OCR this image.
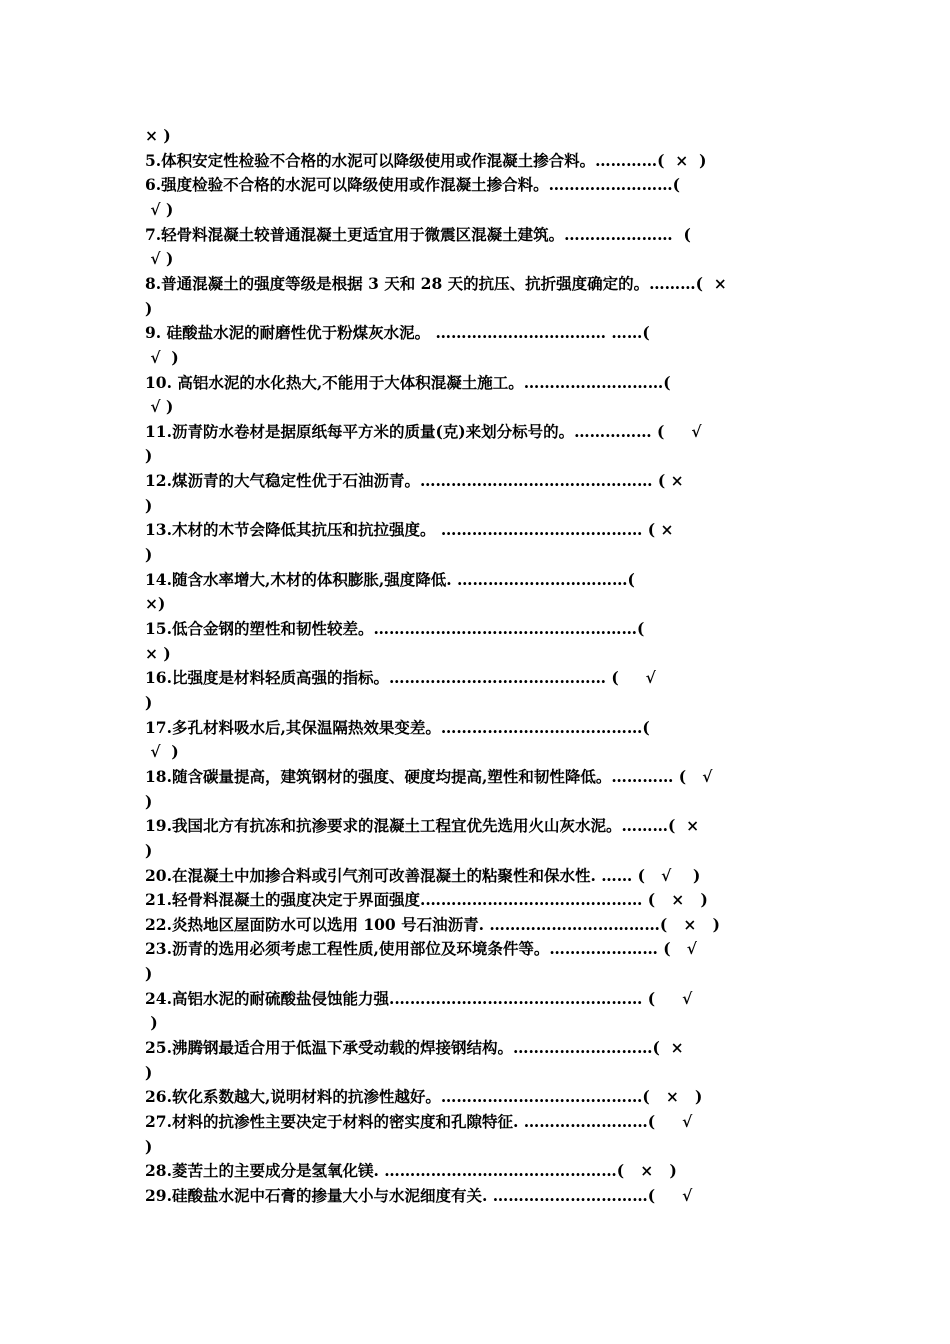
× )
5.体积安定性检验不合格的水泥可以降级使用或作混凝土掺合料。…………(  ×  )
6.强度检验不合格的水泥可以降级使用或作混凝土掺合料。……………………(
√ )
7.轻骨料混凝土较普通混凝土更适宜用于微震区混凝土建筑。…………………  (
√ )
8.普通混凝土的强度等级是根据 3 天和 28 天的抗压、抗折强度确定的。………(  ×
)
9. 硅酸盐水泥的耐磨性优于粉煤灰水泥。 …………………………… ……(
√  )
10. 高铝水泥的水化热大,不能用于大体积混凝土施工。………………………(
√ )
11.沥青防水卷材是据原纸每平方米的质量(克)来划分标号的。…………… (     √
)
12.煤沥青的大气稳定性优于石油沥青。……………………………………… ( ×
)
13.木材的木节会降低其抗压和抗拉强度。 ………………………………… ( ×
)
14.随含水率增大,木材的体积膨胀,强度降低. ……………………………(
×)
15.低合金钢的塑性和韧性较差。……………………………………………(
× )
16.比强度是材料轻质高强的指标。…………………………………… (     √
)
17.多孔材料吸水后,其保温隔热效果变差。…………………………………(
√  )
18.随含碳量提高，建筑钢材的强度、硬度均提高,塑性和韧性降低。………… (   √
)
19.我国北方有抗冻和抗渗要求的混凝土工程宜优先选用火山灰水泥。………(  ×
)
20.在混凝土中加掺合料或引气剂可改善混凝土的粘聚性和保水性. …… (   √    )
21.轻骨料混凝土的强度决定于界面强度.…………………………………… (   ×   )
22.炎热地区屋面防水可以选用 100 号石油沥青. ……………………………(   ×   )
23.沥青的选用必须考虑工程性质,使用部位及环境条件等。………………… (   √
)
24.高铝水泥的耐硫酸盐侵蚀能力强.………………………………………… (     √
)
25.沸腾钢最适合用于低温下承受动载的焊接钢结构。………………………(  ×
)
26.软化系数越大,说明材料的抗渗性越好。…………………………………(   ×   )
27.材料的抗渗性主要决定于材料的密实度和孔隙特征. ……………………(     √
)
28.菱苦土的主要成分是氢氧化镁. ………………………………………(   ×   )
29.硅酸盐水泥中石膏的掺量大小与水泥细度有关. …………………………(     √
